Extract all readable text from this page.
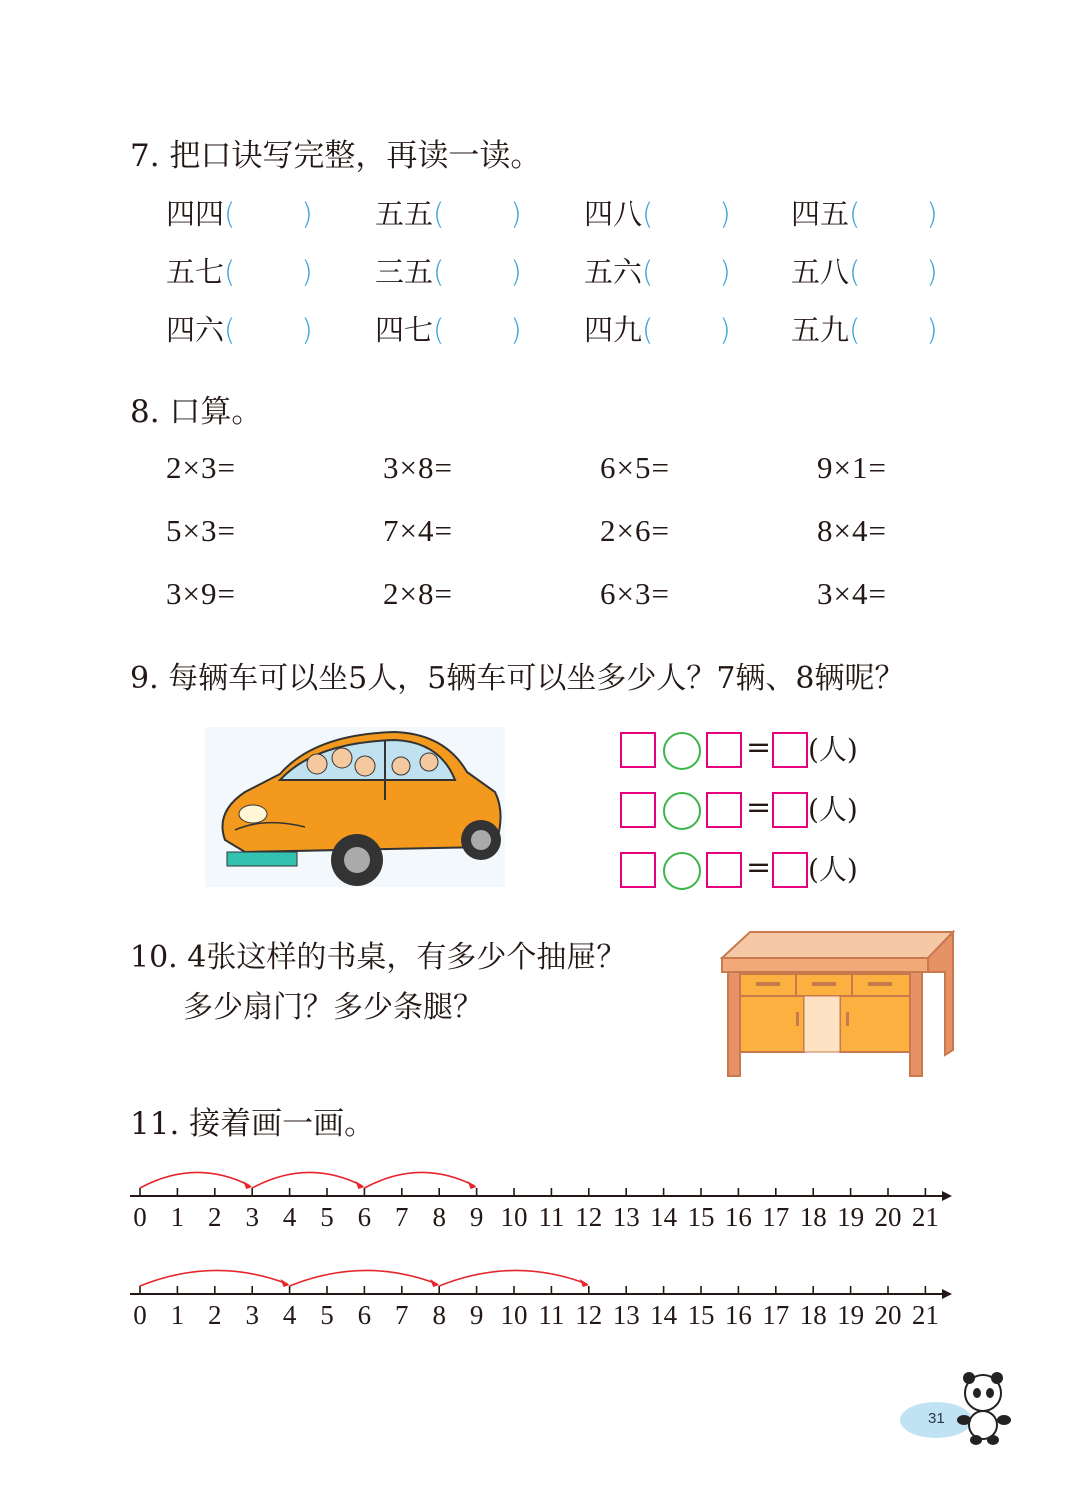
7. 把口诀写完整，再读一读。
四四( ) 五五( ) 四八( ) 四五( )
五七( ) 三五( ) 五六( ) 五八( )
四六( ) 四七( ) 四九( ) 五九( )
8. 口算。
2×3=	3×8=	6×5=	9×1=
5×3=	7×4=	2×6=	8×4=
3×9=	2×8=	6×3=	3×4=
9. 每辆车可以坐5人，5辆车可以坐多少人？7辆、8辆呢？
= (人)
= (人)
= (人)
10. 4张这样的书桌，有多少个抽屉？
多少扇门？多少条腿？
11. 接着画一画。
0 1 2 3 4 5 6 7 8 9 10 11 12 13 14 15 16 17 18 19 20 21
0 1 2 3 4 5 6 7 8 9 10 11 12 13 14 15 16 17 18 19 20 21
31
